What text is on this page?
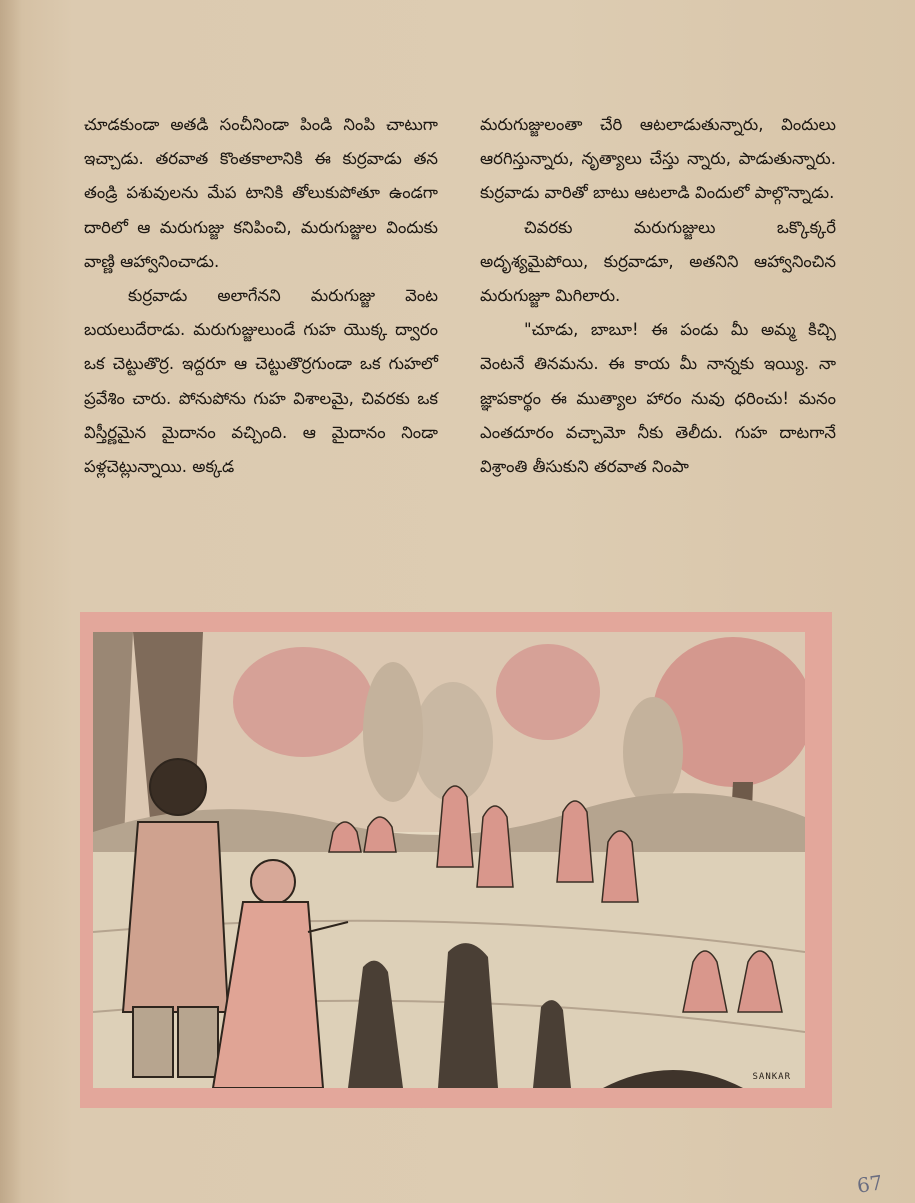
చూడకుండా అతడి సంచీనిండా పిండి నింపి చాటుగా ఇచ్చాడు. తరవాత కొంతకాలానికి ఈ కుర్రవాడు తన తండ్రి పశువులను మేప టానికి తోలుకుపోతూ ఉండగా దారిలో ఆ మరుగుజ్జు కనిపించి, మరుగుజ్జుల విందుకు వాణ్ణి ఆహ్వానించాడు.

కుర్రవాడు అలాగేనని మరుగుజ్జు వెంట బయలుదేరాడు. మరుగుజ్జులుండే గుహ యొక్క ద్వారం ఒక చెట్టుతొర్ర. ఇద్దరూ ఆ చెట్టుతొర్రగుండా ఒక గుహలో ప్రవేశిం చారు. పోనుపోను గుహ విశాలమై, చివరకు ఒక విస్తీర్ణమైన మైదానం వచ్చింది. ఆ మైదానం నిండా పళ్లచెట్లున్నాయి. అక్కడ

మరుగుజ్జులంతా చేరి ఆటలాడుతున్నారు, విందులు ఆరగిస్తున్నారు, నృత్యాలు చేస్తు న్నారు, పాడుతున్నారు. కుర్రవాడు వారితో బాటు ఆటలాడి విందులో పాల్గొన్నాడు.

చివరకు మరుగుజ్జులు ఒక్కొక్కరే అదృశ్యమైపోయి, కుర్రవాడూ, అతనిని ఆహ్వానించిన మరుగుజ్జూ మిగిలారు.

"చూడు, బాబూ! ఈ పండు మీ అమ్మ కిచ్చి వెంటనే తినమను. ఈ కాయ మీ నాన్నకు ఇయ్యి. నా జ్ఞాపకార్థం ఈ ముత్యాల హారం నువు ధరించు! మనం ఎంతదూరం వచ్చామో నీకు తెలీదు. గుహ దాటగానే విశ్రాంతి తీసుకుని తరవాత నింపా

SANKAR
67
